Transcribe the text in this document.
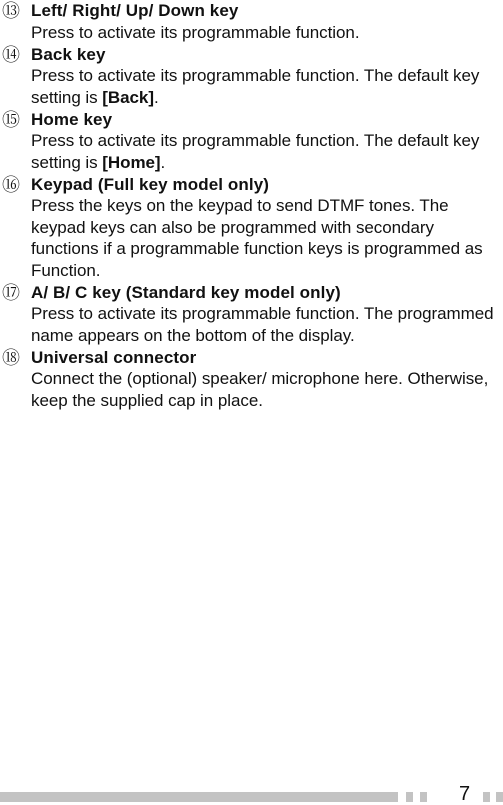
⑬ Left/ Right/ Up/ Down key
Press to activate its programmable function.
⑭ Back key
Press to activate its programmable function. The default key setting is [Back].
⑮ Home key
Press to activate its programmable function. The default key setting is [Home].
⑯ Keypad (Full key model only)
Press the keys on the keypad to send DTMF tones. The keypad keys can also be programmed with secondary functions if a programmable function keys is programmed as Function.
⑰ A/ B/ C key (Standard key model only)
Press to activate its programmable function. The programmed name appears on the bottom of the display.
⑱ Universal connector
Connect the (optional) speaker/ microphone here. Otherwise, keep the supplied cap in place.
7
